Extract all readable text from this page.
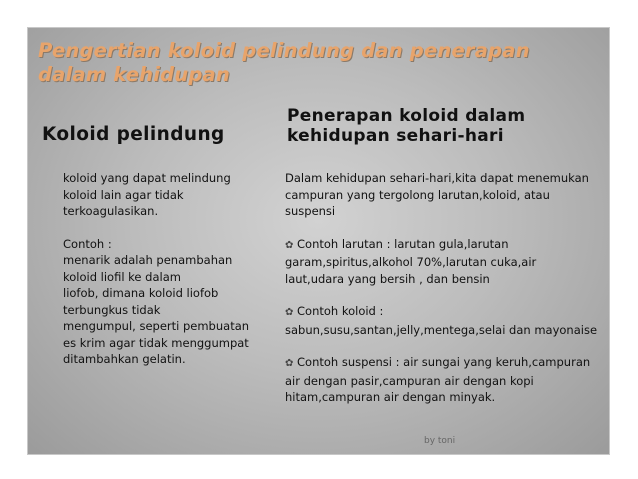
Pengertian koloid pelindung dan penerapan
dalam kehidupan
Koloid pelindung
Penerapan koloid dalam
kehidupan sehari-hari
koloid yang dapat melindung
koloid lain agar tidak
terkoagulasikan.
Contoh :
menarik adalah penambahan
koloid liofil ke dalam
liofob, dimana koloid liofob
terbungkus tidak
mengumpul, seperti pembuatan
es krim agar tidak menggumpat
ditambahkan gelatin.
Dalam kehidupan sehari-hari,kita dapat menemukan
campuran yang tergolong larutan,koloid, atau
suspensi
✿ Contoh larutan : larutan gula,larutan
garam,spiritus,alkohol 70%,larutan cuka,air
laut,udara yang bersih , dan bensin
✿ Contoh koloid :
sabun,susu,santan,jelly,mentega,selai dan mayonaise
✿ Contoh suspensi : air sungai yang keruh,campuran
air dengan pasir,campuran air dengan kopi
hitam,campuran air dengan minyak.
by toni
